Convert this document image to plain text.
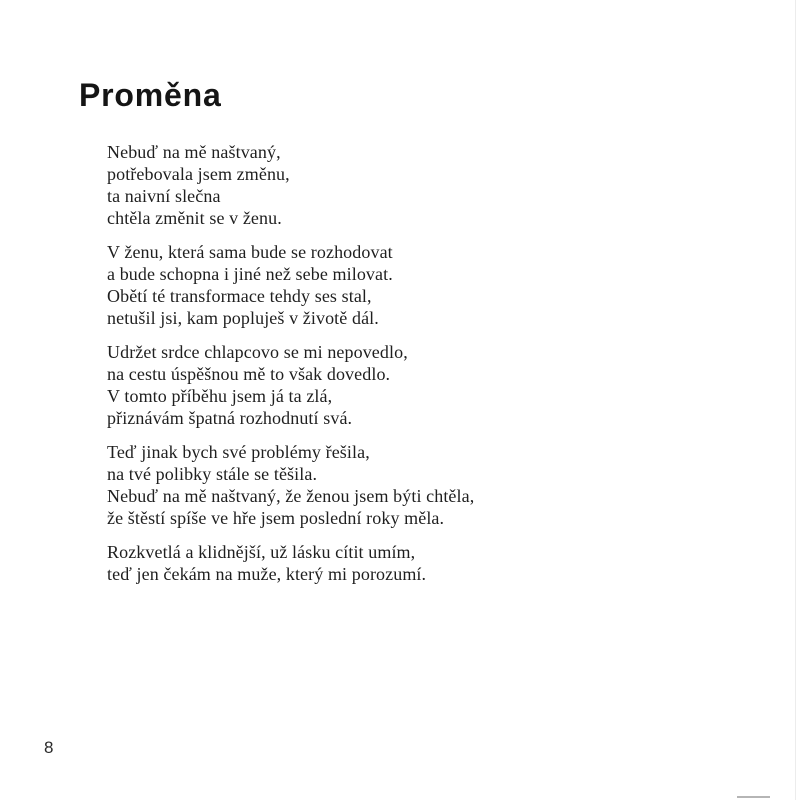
Proměna
Nebuď na mě naštvaný,
potřebovala jsem změnu,
ta naivní slečna
chtěla změnit se v ženu.
V ženu, která sama bude se rozhodovat
a bude schopna i jiné než sebe milovat.
Obětí té transformace tehdy ses stal,
netušil jsi, kam popluješ v životě dál.
Udržet srdce chlapcovo se mi nepovedlo,
na cestu úspěšnou mě to však dovedlo.
V tomto příběhu jsem já ta zlá,
přiznávám špatná rozhodnutí svá.
Teď jinak bych své problémy řešila,
na tvé polibky stále se těšila.
Nebuď na mě naštvaný, že ženou jsem býti chtěla,
že štěstí spíše ve hře jsem poslední roky měla.
Rozkvetlá a klidnější, už lásku cítit umím,
teď jen čekám na muže, který mi porozumí.
8
